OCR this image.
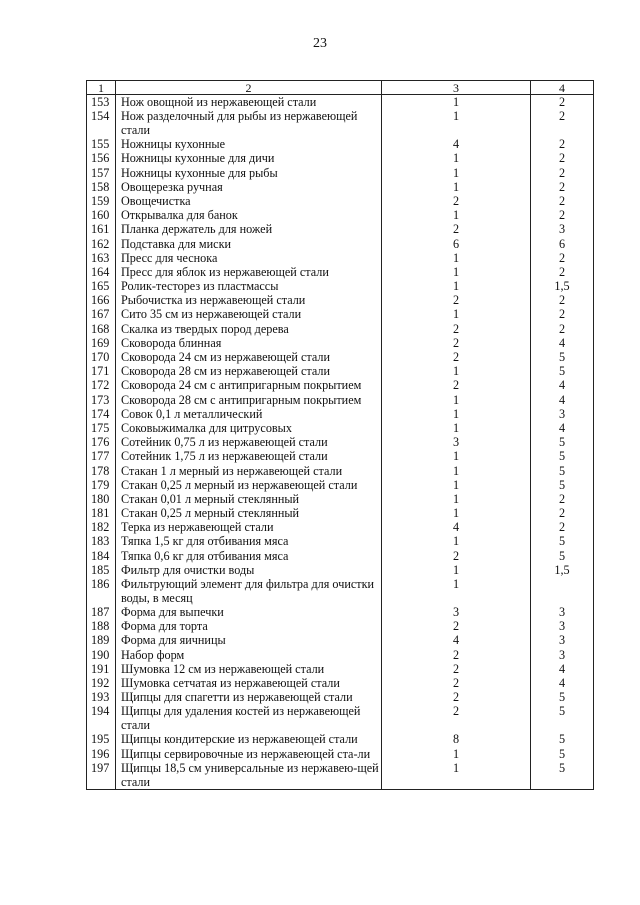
23
1	2	3	4
153	Нож овощной из нержавеющей стали	1	2
154	Нож разделочный для рыбы из нержавеющей стали	1	2
155	Ножницы кухонные	4	2
156	Ножницы кухонные для дичи	1	2
157	Ножницы кухонные для рыбы	1	2
158	Овощерезка ручная	1	2
159	Овощечистка	2	2
160	Открывалка для банок	1	2
161	Планка держатель для ножей	2	3
162	Подставка для миски	6	6
163	Пресс для чеснока	1	2
164	Пресс для яблок из нержавеющей стали	1	2
165	Ролик-тесторез из пластмассы	1	1,5
166	Рыбочистка из нержавеющей стали	2	2
167	Сито 35 см из нержавеющей стали	1	2
168	Скалка из твердых пород дерева	2	2
169	Сковорода блинная	2	4
170	Сковорода 24 см из нержавеющей стали	2	5
171	Сковорода 28 см из нержавеющей стали	1	5
172	Сковорода 24 см с антипригарным покрытием	2	4
173	Сковорода 28 см с антипригарным покрытием	1	4
174	Совок 0,1 л металлический	1	3
175	Соковыжималка для цитрусовых	1	4
176	Сотейник 0,75 л из нержавеющей стали	3	5
177	Сотейник 1,75 л из нержавеющей стали	1	5
178	Стакан 1 л мерный из нержавеющей стали	1	5
179	Стакан 0,25 л мерный из нержавеющей стали	1	5
180	Стакан 0,01 л мерный стеклянный	1	2
181	Стакан 0,25 л мерный стеклянный	1	2
182	Терка из нержавеющей стали	4	2
183	Тяпка 1,5 кг для отбивания мяса	1	5
184	Тяпка 0,6 кг для отбивания мяса	2	5
185	Фильтр для очистки воды	1	1,5
186	Фильтрующий элемент для фильтра для очистки воды, в месяц	1	
187	Форма для выпечки	3	3
188	Форма для торта	2	3
189	Форма для яичницы	4	3
190	Набор форм	2	3
191	Шумовка 12 см из нержавеющей стали	2	4
192	Шумовка сетчатая из нержавеющей стали	2	4
193	Щипцы для спагетти из нержавеющей стали	2	5
194	Щипцы для удаления костей из нержавеющей стали	2	5
195	Щипцы кондитерские из нержавеющей стали	8	5
196	Щипцы сервировочные из нержавеющей ста-ли	1	5
197	Щипцы 18,5 см универсальные из нержавею-щей стали	1	5
